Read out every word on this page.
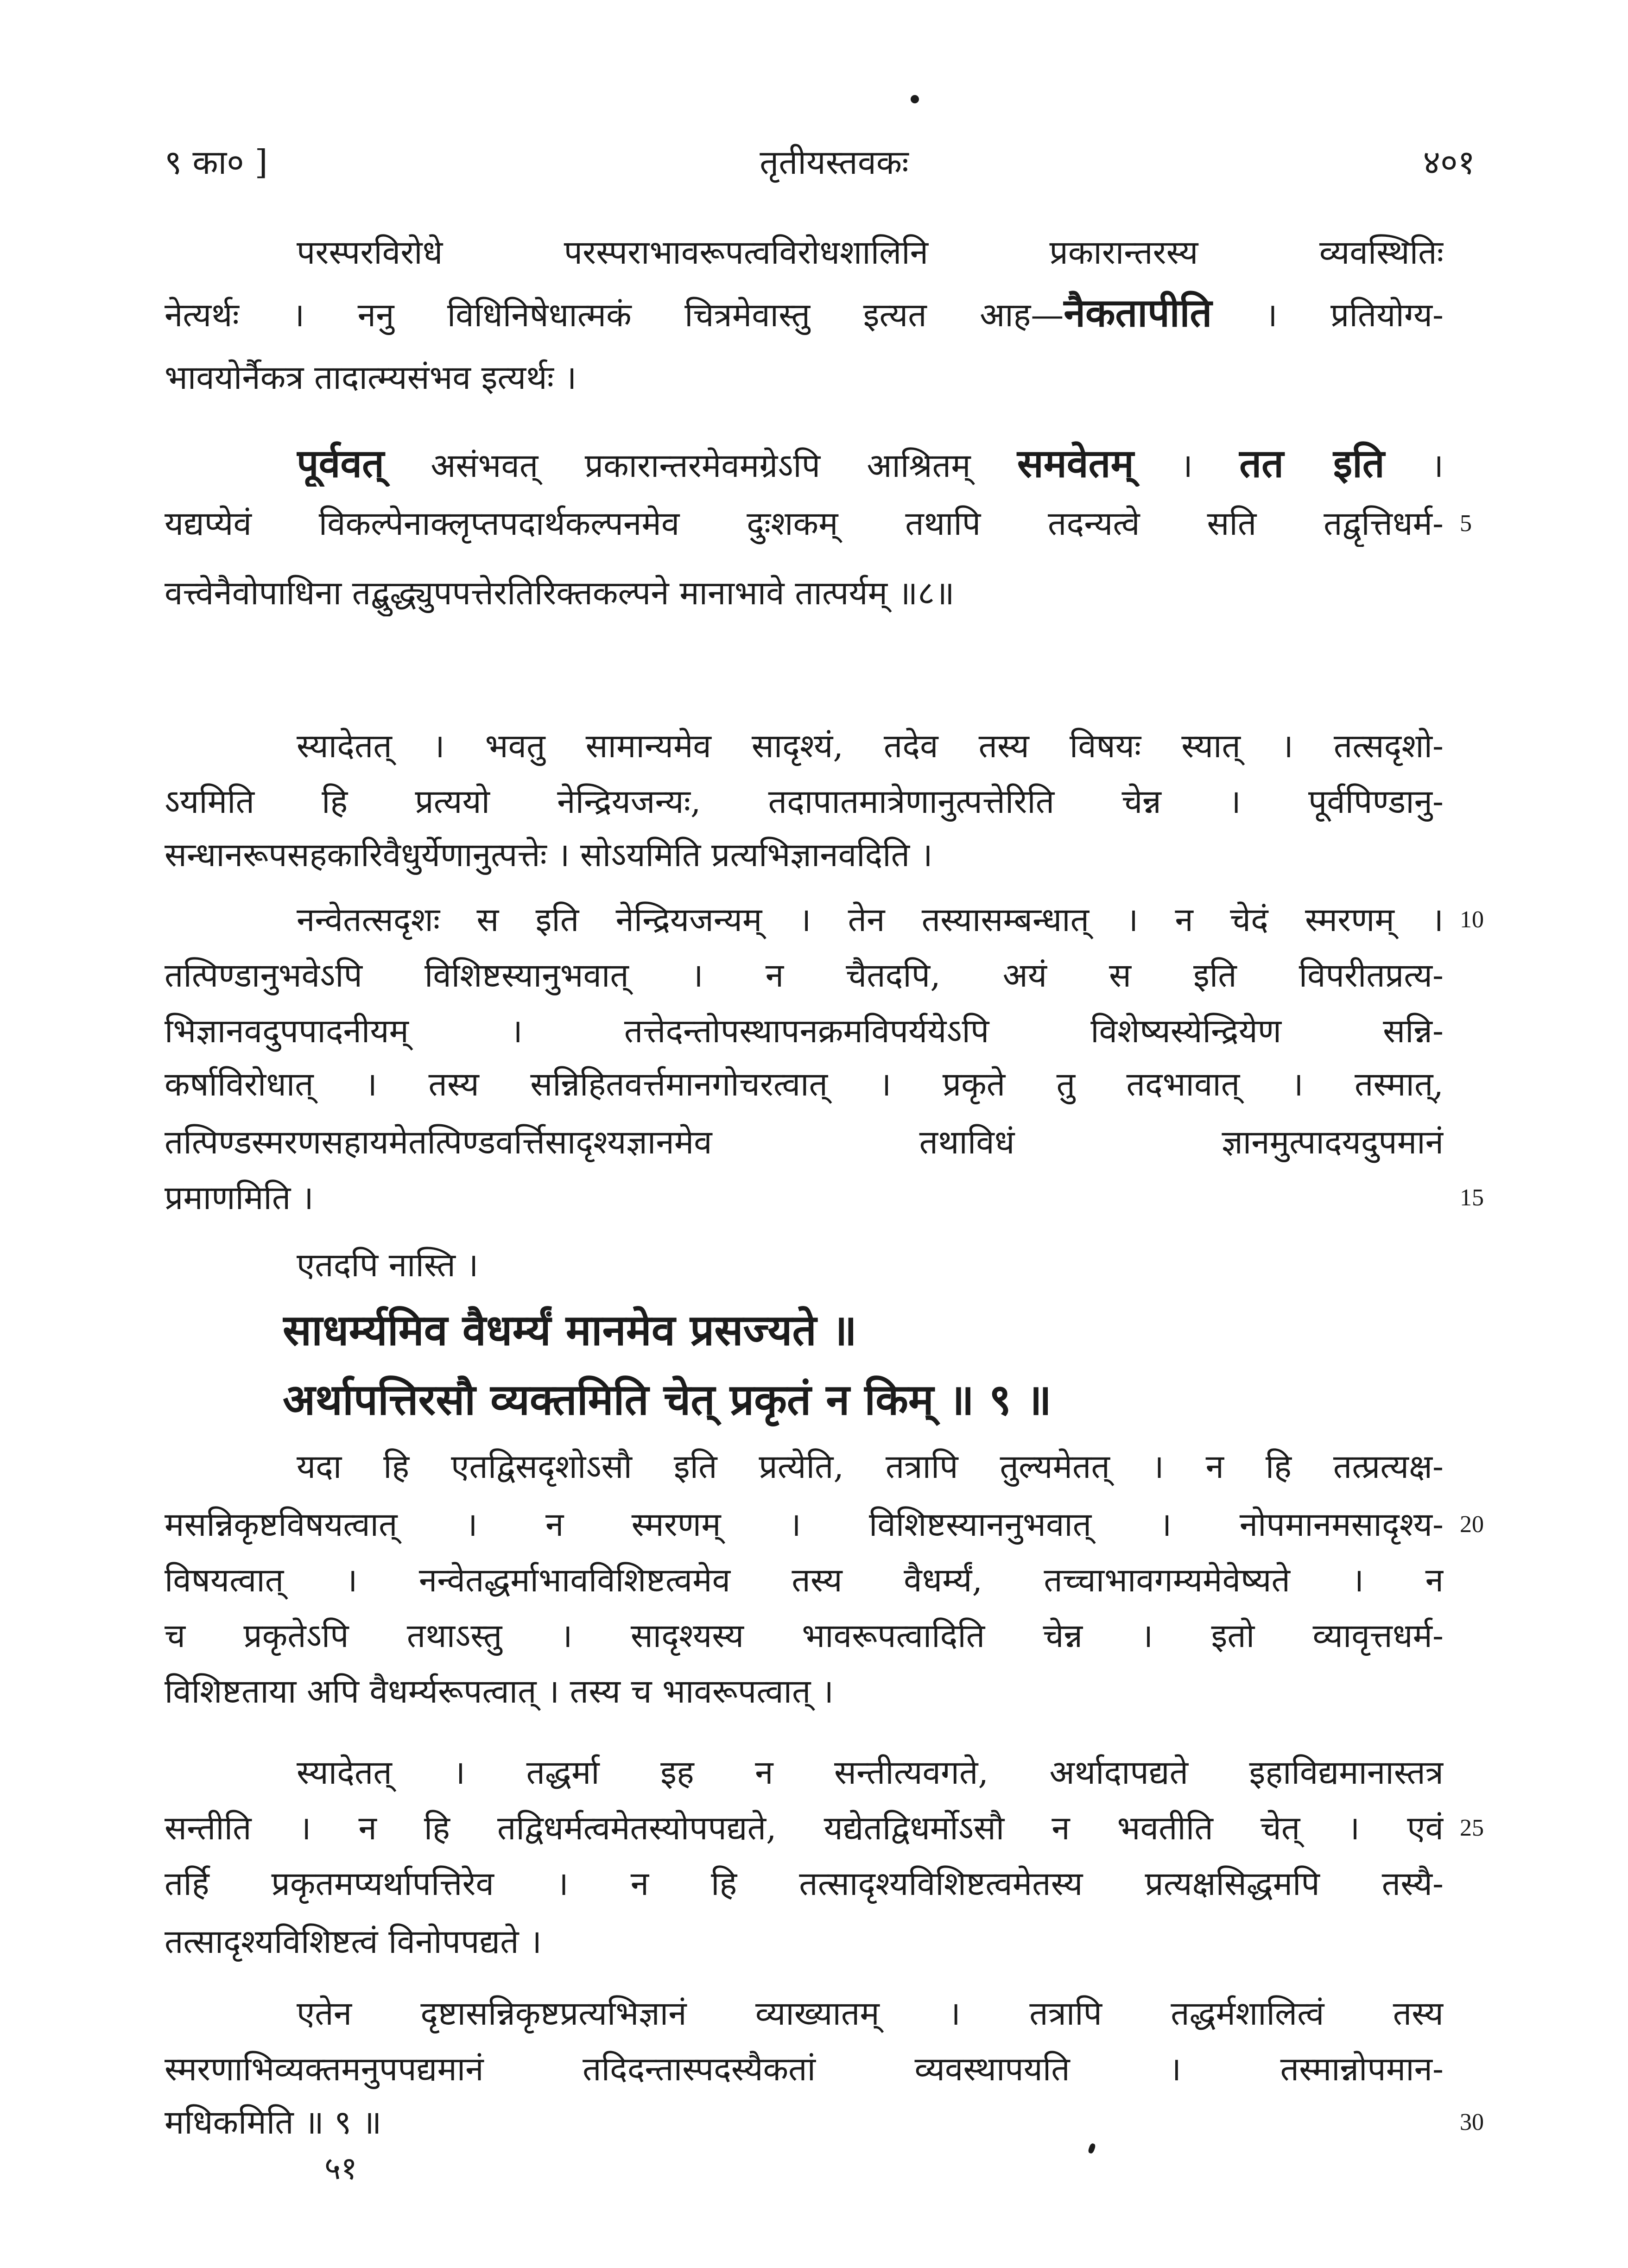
९ का० ]	तृतीयस्तवकः	४०१
परस्परविरोधे परस्पराभावरूपत्वविरोधशालिनि प्रकारान्तरस्य व्यवस्थितिः
नेत्यर्थः । ननु विधिनिषेधात्मकं चित्रमेवास्तु इत्यत आह—नैकतापीति । प्रतियोग्य-
भावयोर्नैकत्र तादात्म्यसंभव इत्यर्थः ।
पूर्ववत् असंभवत् प्रकारान्तरमेवमग्रेऽपि आश्रितम् समवेतम् । तत इति ।
यद्यप्येवं विकल्पेनाक्लृप्तपदार्थकल्पनमेव दुःशकम् तथापि तदन्यत्वे सति तद्वृत्तिधर्म- 5
वत्त्वेनैवोपाधिना तद्बुद्ध्युपपत्तेरतिरिक्तकल्पने मानाभावे तात्पर्यम् ॥८॥
स्यादेतत् । भवतु सामान्यमेव सादृश्यं, तदेव तस्य विषयः स्यात् । तत्सदृशो-
ऽयमिति हि प्रत्ययो नेन्द्रियजन्यः, तदापातमात्रेणानुत्पत्तेरिति चेन्न । पूर्वपिण्डानु-
सन्धानरूपसहकारिवैधुर्येणानुत्पत्तेः । सोऽयमिति प्रत्यभिज्ञानवदिति ।
नन्वेतत्सदृशः स इति नेन्द्रियजन्यम् । तेन तस्यासम्बन्धात् । न चेदं स्मरणम् । 10
तत्पिण्डानुभवेऽपि विशिष्टस्यानुभवात् । न चैतदपि, अयं स इति विपरीतप्रत्य-
भिज्ञानवदुपपादनीयम् । तत्तेदन्तोपस्थापनक्रमविपर्ययेऽपि विशेष्यस्येन्द्रियेण सन्नि-
कर्षाविरोधात् । तस्य सन्निहितवर्त्तमानगोचरत्वात् । प्रकृते तु तदभावात् । तस्मात्,
तत्पिण्डस्मरणसहायमेतत्पिण्डवर्त्तिसादृश्यज्ञानमेव तथाविधं ज्ञानमुत्पादयदुपमानं
प्रमाणमिति ।	15
एतदपि नास्ति ।
साधर्म्यमिव वैधर्म्यं मानमेव प्रसज्यते ॥
अर्थापत्तिरसौ व्यक्तमिति चेत् प्रकृतं न किम् ॥ ९ ॥
यदा हि एतद्विसदृशोऽसौ इति प्रत्येति, तत्रापि तुल्यमेतत् । न हि तत्प्रत्यक्ष-
मसन्निकृष्टविषयत्वात् । न स्मरणम् । विशिष्टस्याननुभवात् । नोपमानमसादृश्य- 20
विषयत्वात् । नन्वेतद्धर्माभावविशिष्टत्वमेव तस्य वैधर्म्यं, तच्चाभावगम्यमेवेष्यते । न
च प्रकृतेऽपि तथाऽस्तु । सादृश्यस्य भावरूपत्वादिति चेन्न । इतो व्यावृत्तधर्म-
विशिष्टताया अपि वैधर्म्यरूपत्वात् । तस्य च भावरूपत्वात् ।
स्यादेतत् । तद्धर्मा इह न सन्तीत्यवगते, अर्थादापद्यते इहाविद्यमानास्तत्र
सन्तीति । न हि तद्विधर्मत्वमेतस्योपपद्यते, यद्येतद्विधर्मोऽसौ न भवतीति चेत् । एवं 25
तर्हि प्रकृतमप्यर्थापत्तिरेव । न हि तत्सादृश्यविशिष्टत्वमेतस्य प्रत्यक्षसिद्धमपि तस्यै-
तत्सादृश्यविशिष्टत्वं विनोपपद्यते ।
एतेन दृष्टासन्निकृष्टप्रत्यभिज्ञानं व्याख्यातम् । तत्रापि तद्धर्मशालित्वं तस्य
स्मरणाभिव्यक्तमनुपपद्यमानं तदिदन्तास्पदस्यैकतां व्यवस्थापयति । तस्मान्नोपमान-
मधिकमिति ॥ ९ ॥	30
५१
